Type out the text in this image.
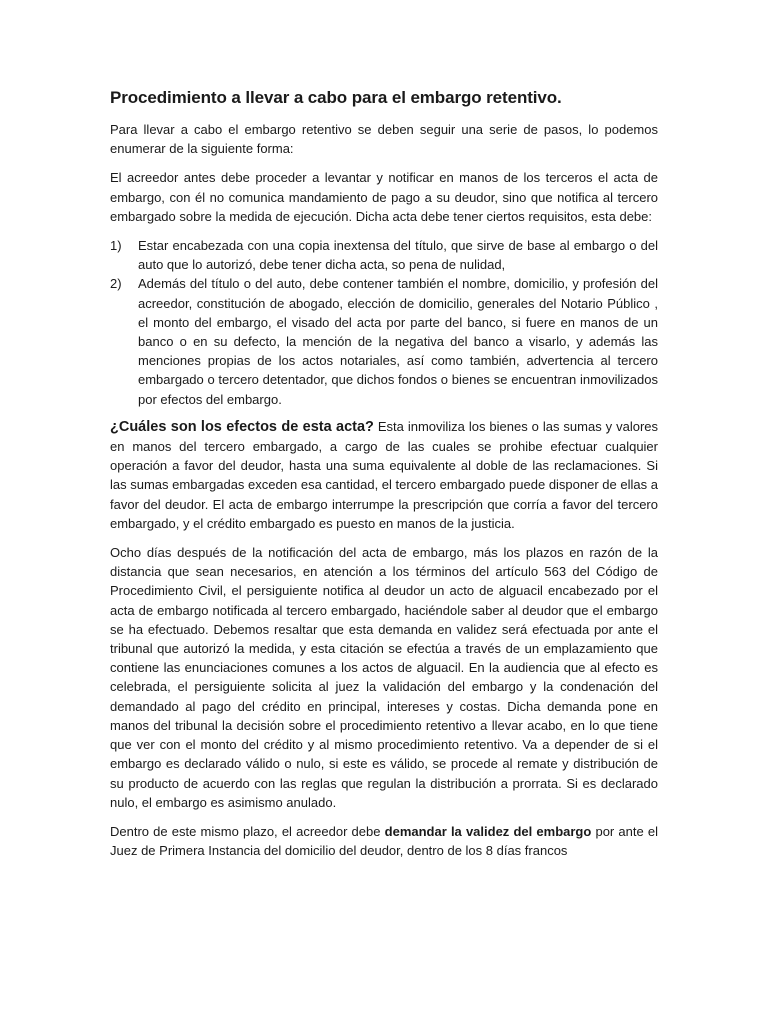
Procedimiento a llevar a cabo para el embargo retentivo.

Para llevar a cabo el embargo retentivo se deben seguir una serie de pasos, lo podemos enumerar de la siguiente forma:

El acreedor antes debe proceder a levantar y notificar en manos de los terceros el acta de embargo, con él no comunica mandamiento de pago a su deudor, sino que notifica al tercero embargado sobre la medida de ejecución. Dicha acta debe tener ciertos requisitos, esta debe:

1)	Estar encabezada con una copia inextensa del título, que sirve de base al embargo o del auto que lo autorizó, debe tener dicha acta, so pena de nulidad,
2)	Además del título o del auto, debe contener también el nombre, domicilio, y profesión del acreedor, constitución de abogado, elección de domicilio, generales del Notario Público , el monto del embargo, el visado del acta por parte del banco, si fuere en manos de un banco o en su defecto, la mención de la negativa del banco a visarlo, y además las menciones propias de los actos notariales, así como también, advertencia al tercero embargado o tercero detentador, que dichos fondos o bienes se encuentran inmovilizados por efectos del embargo.

¿Cuáles son los efectos de esta acta? Esta inmoviliza los bienes o las sumas y valores en manos del tercero embargado, a cargo de las cuales se prohibe efectuar cualquier operación a favor del deudor, hasta una suma equivalente al doble de las reclamaciones. Si las sumas embargadas exceden esa cantidad, el tercero embargado puede disponer de ellas a favor del deudor. El acta de embargo interrumpe la prescripción que corría a favor del tercero embargado, y el crédito embargado es puesto en manos de la justicia.

Ocho días después de la notificación del acta de embargo, más los plazos en razón de la distancia que sean necesarios, en atención a los términos del artículo 563 del Código de Procedimiento Civil, el persiguiente notifica al deudor un acto de alguacil encabezado por el acta de embargo notificada al tercero embargado, haciéndole saber al deudor que el embargo se ha efectuado. Debemos resaltar que esta demanda en validez será efectuada por ante el tribunal que autorizó la medida, y esta citación se efectúa a través de un emplazamiento que contiene las enunciaciones comunes a los actos de alguacil. En la audiencia que al efecto es celebrada, el persiguiente solicita al juez la validación del embargo y la condenación del demandado al pago del crédito en principal, intereses y costas. Dicha demanda pone en manos del tribunal la decisión sobre el procedimiento retentivo a llevar acabo, en lo que tiene que ver con el monto del crédito y al mismo procedimiento retentivo. Va a depender de si el embargo es declarado válido o nulo, si este es válido, se procede al remate y distribución de su producto de acuerdo con las reglas que regulan la distribución a prorrata. Si es declarado nulo, el embargo es asimismo anulado.

Dentro de este mismo plazo, el acreedor debe demandar la validez del embargo por ante el Juez de Primera Instancia del domicilio del deudor, dentro de los 8 días francos
